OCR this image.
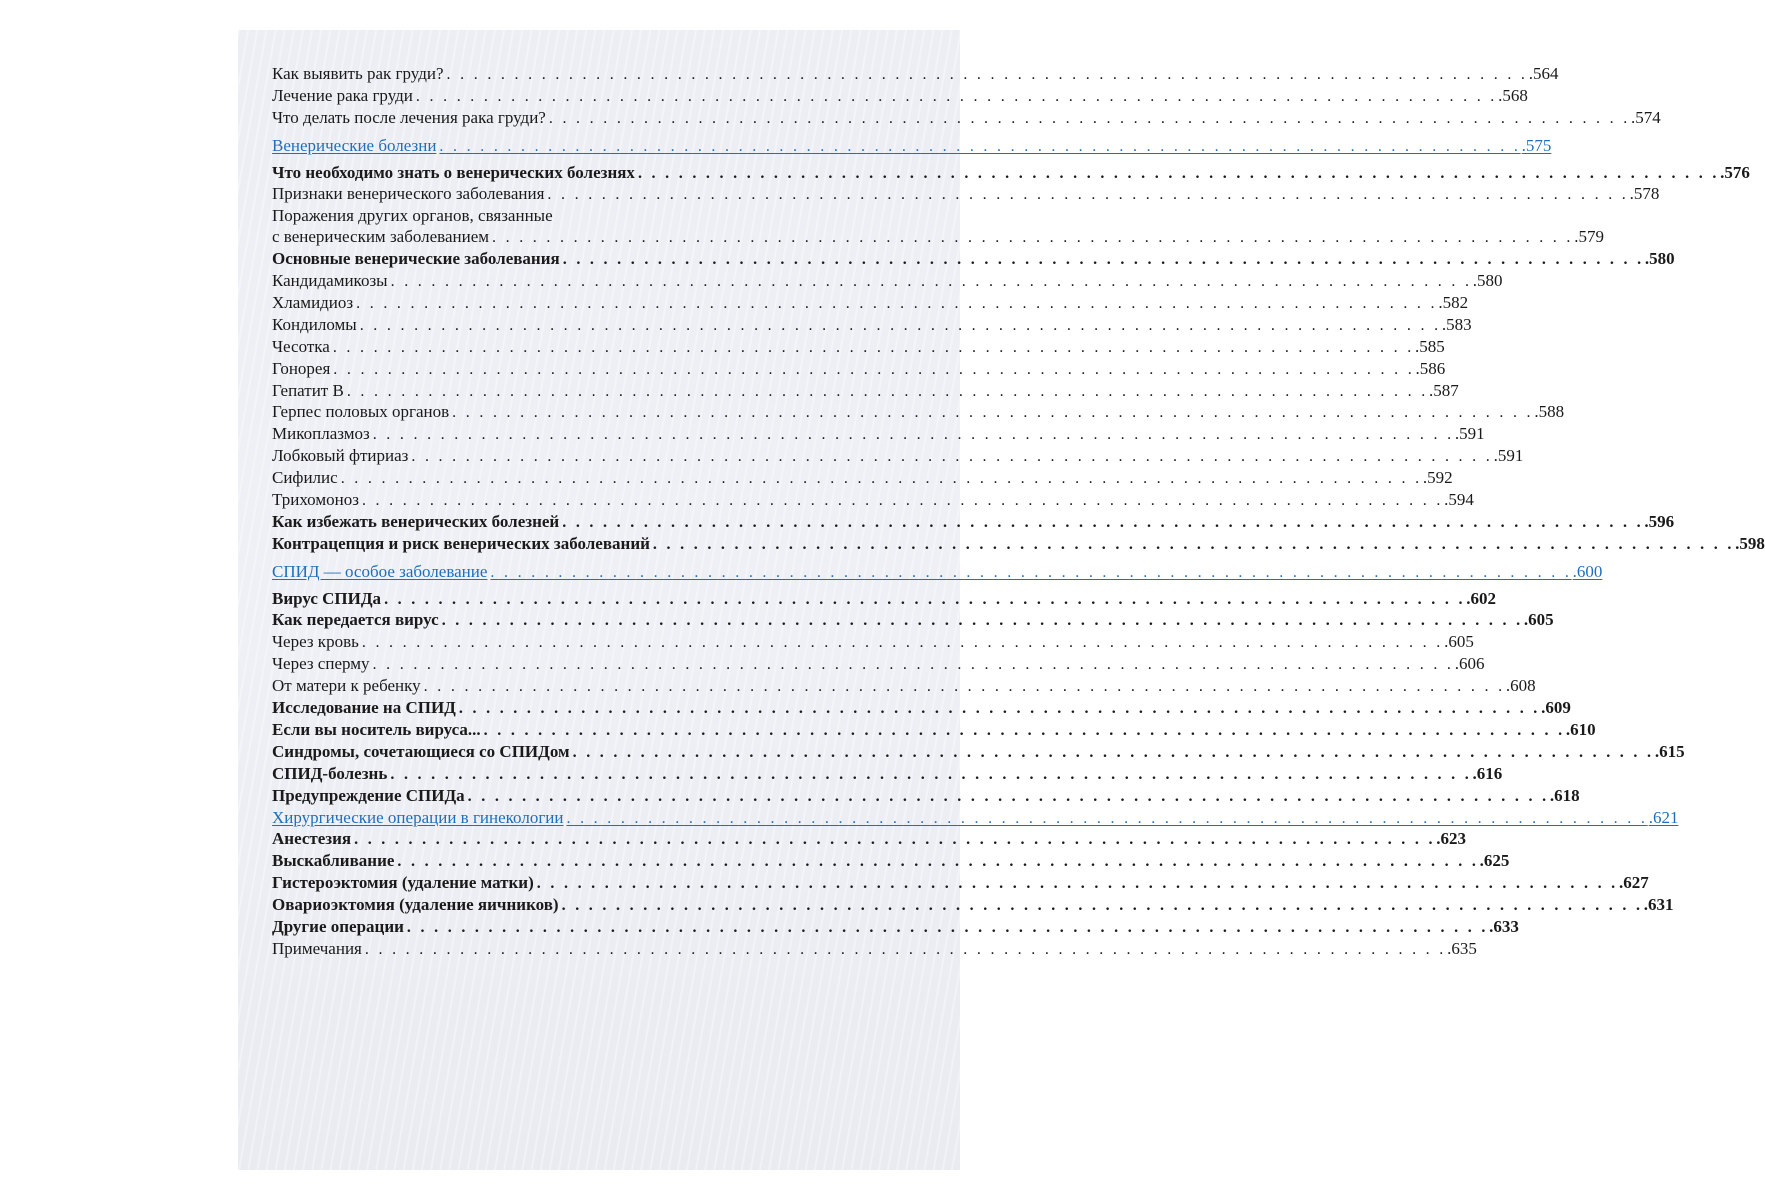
Как выявить рак груди? . . . . . . . . . . . . . . . . . . . . . . . . . . . . . . . . . . . . . . . . . . . . . . . . . . . . . . . . . . . . . . . . . . . . . . . . . . . . . . . . .564
Лечение рака груди . . . . . . . . . . . . . . . . . . . . . . . . . . . . . . . . . . . . . . . . . . . . . . . . . . . . . . . . . . . . . . . . . . . . . . . . . . . . . . . . .568
Что делать после лечения рака груди? . . . . . . . . . . . . . . . . . . . . . . . . . . . . . . . . . . . . . . . . . . . . . . . . . . . . . . . . . . . . . . . . . . . . . . . . . . . . . . . . .574
Венерические болезни . . . . . . . . . . . . . . . . . . . . . . . . . . . . . . . . . . . . . . . . . . . . . . . . . . . . . . . . . . . . . . . . . . . . . . . . . . . . . . . . .575
Что необходимо знать о венерических болезнях . . . . . . . . . . . . . . . . . . . . . . . . . . . . . . . . . . . . . . . . . . . . . . . . . . . . . . . . . . . . . . . . . . . . . . . . . . . . . . . . .576
Признаки венерического заболевания . . . . . . . . . . . . . . . . . . . . . . . . . . . . . . . . . . . . . . . . . . . . . . . . . . . . . . . . . . . . . . . . . . . . . . . . . . . . . . . . .578
Поражения других органов, связанные
с венерическим заболеванием . . . . . . . . . . . . . . . . . . . . . . . . . . . . . . . . . . . . . . . . . . . . . . . . . . . . . . . . . . . . . . . . . . . . . . . . . . . . . . . . .579
Основные венерические заболевания . . . . . . . . . . . . . . . . . . . . . . . . . . . . . . . . . . . . . . . . . . . . . . . . . . . . . . . . . . . . . . . . . . . . . . . . . . . . . . . . .580
Кандидамикозы . . . . . . . . . . . . . . . . . . . . . . . . . . . . . . . . . . . . . . . . . . . . . . . . . . . . . . . . . . . . . . . . . . . . . . . . . . . . . . . . .580
Хламидиоз . . . . . . . . . . . . . . . . . . . . . . . . . . . . . . . . . . . . . . . . . . . . . . . . . . . . . . . . . . . . . . . . . . . . . . . . . . . . . . . . .582
Кондиломы . . . . . . . . . . . . . . . . . . . . . . . . . . . . . . . . . . . . . . . . . . . . . . . . . . . . . . . . . . . . . . . . . . . . . . . . . . . . . . . . .583
Чесотка . . . . . . . . . . . . . . . . . . . . . . . . . . . . . . . . . . . . . . . . . . . . . . . . . . . . . . . . . . . . . . . . . . . . . . . . . . . . . . . . .585
Гонорея . . . . . . . . . . . . . . . . . . . . . . . . . . . . . . . . . . . . . . . . . . . . . . . . . . . . . . . . . . . . . . . . . . . . . . . . . . . . . . . . .586
Гепатит В . . . . . . . . . . . . . . . . . . . . . . . . . . . . . . . . . . . . . . . . . . . . . . . . . . . . . . . . . . . . . . . . . . . . . . . . . . . . . . . . .587
Герпес половых органов . . . . . . . . . . . . . . . . . . . . . . . . . . . . . . . . . . . . . . . . . . . . . . . . . . . . . . . . . . . . . . . . . . . . . . . . . . . . . . . . .588
Микоплазмоз . . . . . . . . . . . . . . . . . . . . . . . . . . . . . . . . . . . . . . . . . . . . . . . . . . . . . . . . . . . . . . . . . . . . . . . . . . . . . . . . .591
Лобковый фтириаз . . . . . . . . . . . . . . . . . . . . . . . . . . . . . . . . . . . . . . . . . . . . . . . . . . . . . . . . . . . . . . . . . . . . . . . . . . . . . . . . .591
Сифилис . . . . . . . . . . . . . . . . . . . . . . . . . . . . . . . . . . . . . . . . . . . . . . . . . . . . . . . . . . . . . . . . . . . . . . . . . . . . . . . . .592
Трихомоноз . . . . . . . . . . . . . . . . . . . . . . . . . . . . . . . . . . . . . . . . . . . . . . . . . . . . . . . . . . . . . . . . . . . . . . . . . . . . . . . . .594
Как избежать венерических болезней . . . . . . . . . . . . . . . . . . . . . . . . . . . . . . . . . . . . . . . . . . . . . . . . . . . . . . . . . . . . . . . . . . . . . . . . . . . . . . . . .596
Контрацепция и риск венерических заболеваний . . . . . . . . . . . . . . . . . . . . . . . . . . . . . . . . . . . . . . . . . . . . . . . . . . . . . . . . . . . . . . . . . . . . . . . . . . . . . . . . .598
СПИД — особое заболевание . . . . . . . . . . . . . . . . . . . . . . . . . . . . . . . . . . . . . . . . . . . . . . . . . . . . . . . . . . . . . . . . . . . . . . . . . . . . . . . . .600
Вирус СПИДа . . . . . . . . . . . . . . . . . . . . . . . . . . . . . . . . . . . . . . . . . . . . . . . . . . . . . . . . . . . . . . . . . . . . . . . . . . . . . . . . .602
Как передается вирус . . . . . . . . . . . . . . . . . . . . . . . . . . . . . . . . . . . . . . . . . . . . . . . . . . . . . . . . . . . . . . . . . . . . . . . . . . . . . . . . .605
Через кровь . . . . . . . . . . . . . . . . . . . . . . . . . . . . . . . . . . . . . . . . . . . . . . . . . . . . . . . . . . . . . . . . . . . . . . . . . . . . . . . . .605
Через сперму . . . . . . . . . . . . . . . . . . . . . . . . . . . . . . . . . . . . . . . . . . . . . . . . . . . . . . . . . . . . . . . . . . . . . . . . . . . . . . . . .606
От матери к ребенку . . . . . . . . . . . . . . . . . . . . . . . . . . . . . . . . . . . . . . . . . . . . . . . . . . . . . . . . . . . . . . . . . . . . . . . . . . . . . . . . .608
Исследование на СПИД . . . . . . . . . . . . . . . . . . . . . . . . . . . . . . . . . . . . . . . . . . . . . . . . . . . . . . . . . . . . . . . . . . . . . . . . . . . . . . . . .609
Если вы носитель вируса... . . . . . . . . . . . . . . . . . . . . . . . . . . . . . . . . . . . . . . . . . . . . . . . . . . . . . . . . . . . . . . . . . . . . . . . . . . . . . . . . .610
Синдромы, сочетающиеся со СПИДом . . . . . . . . . . . . . . . . . . . . . . . . . . . . . . . . . . . . . . . . . . . . . . . . . . . . . . . . . . . . . . . . . . . . . . . . . . . . . . . . .615
СПИД-болезнь . . . . . . . . . . . . . . . . . . . . . . . . . . . . . . . . . . . . . . . . . . . . . . . . . . . . . . . . . . . . . . . . . . . . . . . . . . . . . . . . .616
Предупреждение СПИДа . . . . . . . . . . . . . . . . . . . . . . . . . . . . . . . . . . . . . . . . . . . . . . . . . . . . . . . . . . . . . . . . . . . . . . . . . . . . . . . . .618
Хирургические операции в гинекологии . . . . . . . . . . . . . . . . . . . . . . . . . . . . . . . . . . . . . . . . . . . . . . . . . . . . . . . . . . . . . . . . . . . . . . . . . . . . . . . . .621
Анестезия . . . . . . . . . . . . . . . . . . . . . . . . . . . . . . . . . . . . . . . . . . . . . . . . . . . . . . . . . . . . . . . . . . . . . . . . . . . . . . . . .623
Выскабливание . . . . . . . . . . . . . . . . . . . . . . . . . . . . . . . . . . . . . . . . . . . . . . . . . . . . . . . . . . . . . . . . . . . . . . . . . . . . . . . . .625
Гистероэктомия (удаление матки) . . . . . . . . . . . . . . . . . . . . . . . . . . . . . . . . . . . . . . . . . . . . . . . . . . . . . . . . . . . . . . . . . . . . . . . . . . . . . . . . .627
Овариоэктомия (удаление яичников) . . . . . . . . . . . . . . . . . . . . . . . . . . . . . . . . . . . . . . . . . . . . . . . . . . . . . . . . . . . . . . . . . . . . . . . . . . . . . . . . .631
Другие операции . . . . . . . . . . . . . . . . . . . . . . . . . . . . . . . . . . . . . . . . . . . . . . . . . . . . . . . . . . . . . . . . . . . . . . . . . . . . . . . . .633
Примечания . . . . . . . . . . . . . . . . . . . . . . . . . . . . . . . . . . . . . . . . . . . . . . . . . . . . . . . . . . . . . . . . . . . . . . . . . . . . . . . . .635
